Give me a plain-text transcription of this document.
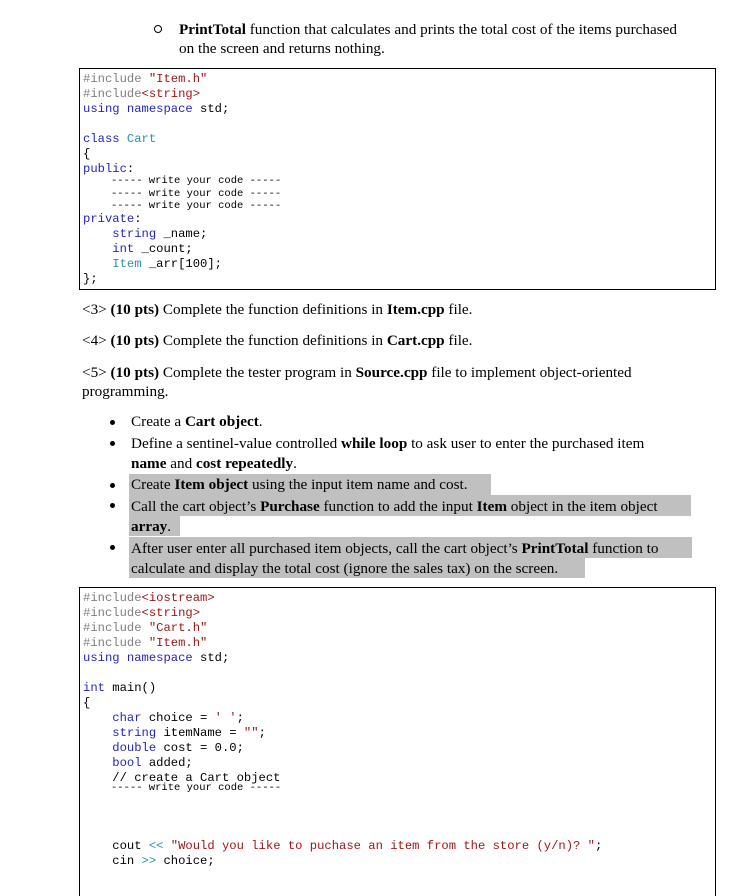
PrintTotal function that calculates and prints the total cost of the items purchased
on the screen and returns nothing.
#include "Item.h"
#include<string>
using namespace std;

class Cart
{
public:
----- write your code -----
----- write your code -----
----- write your code -----
private:
string _name;
int _count;
Item _arr[100];
};
<3> (10 pts) Complete the function definitions in Item.cpp file.
<4> (10 pts) Complete the function definitions in Cart.cpp file.
<5> (10 pts) Complete the tester program in Source.cpp file to implement object-oriented
programming.
Create a Cart object.
Define a sentinel-value controlled while loop to ask user to enter the purchased item
name and cost repeatedly.
Create Item object using the input item name and cost.
Call the cart object’s Purchase function to add the input Item object in the item object
array.
After user enter all purchased item objects, call the cart object’s PrintTotal function to
calculate and display the total cost (ignore the sales tax) on the screen.
#include<iostream>
#include<string>
#include "Cart.h"
#include "Item.h"
using namespace std;

int main()
{
char choice = ' ';
string itemName = "";
double cost = 0.0;
bool added;
// create a Cart object
----- write your code -----
cout << "Would you like to puchase an item from the store (y/n)? ";
cin >> choice;
